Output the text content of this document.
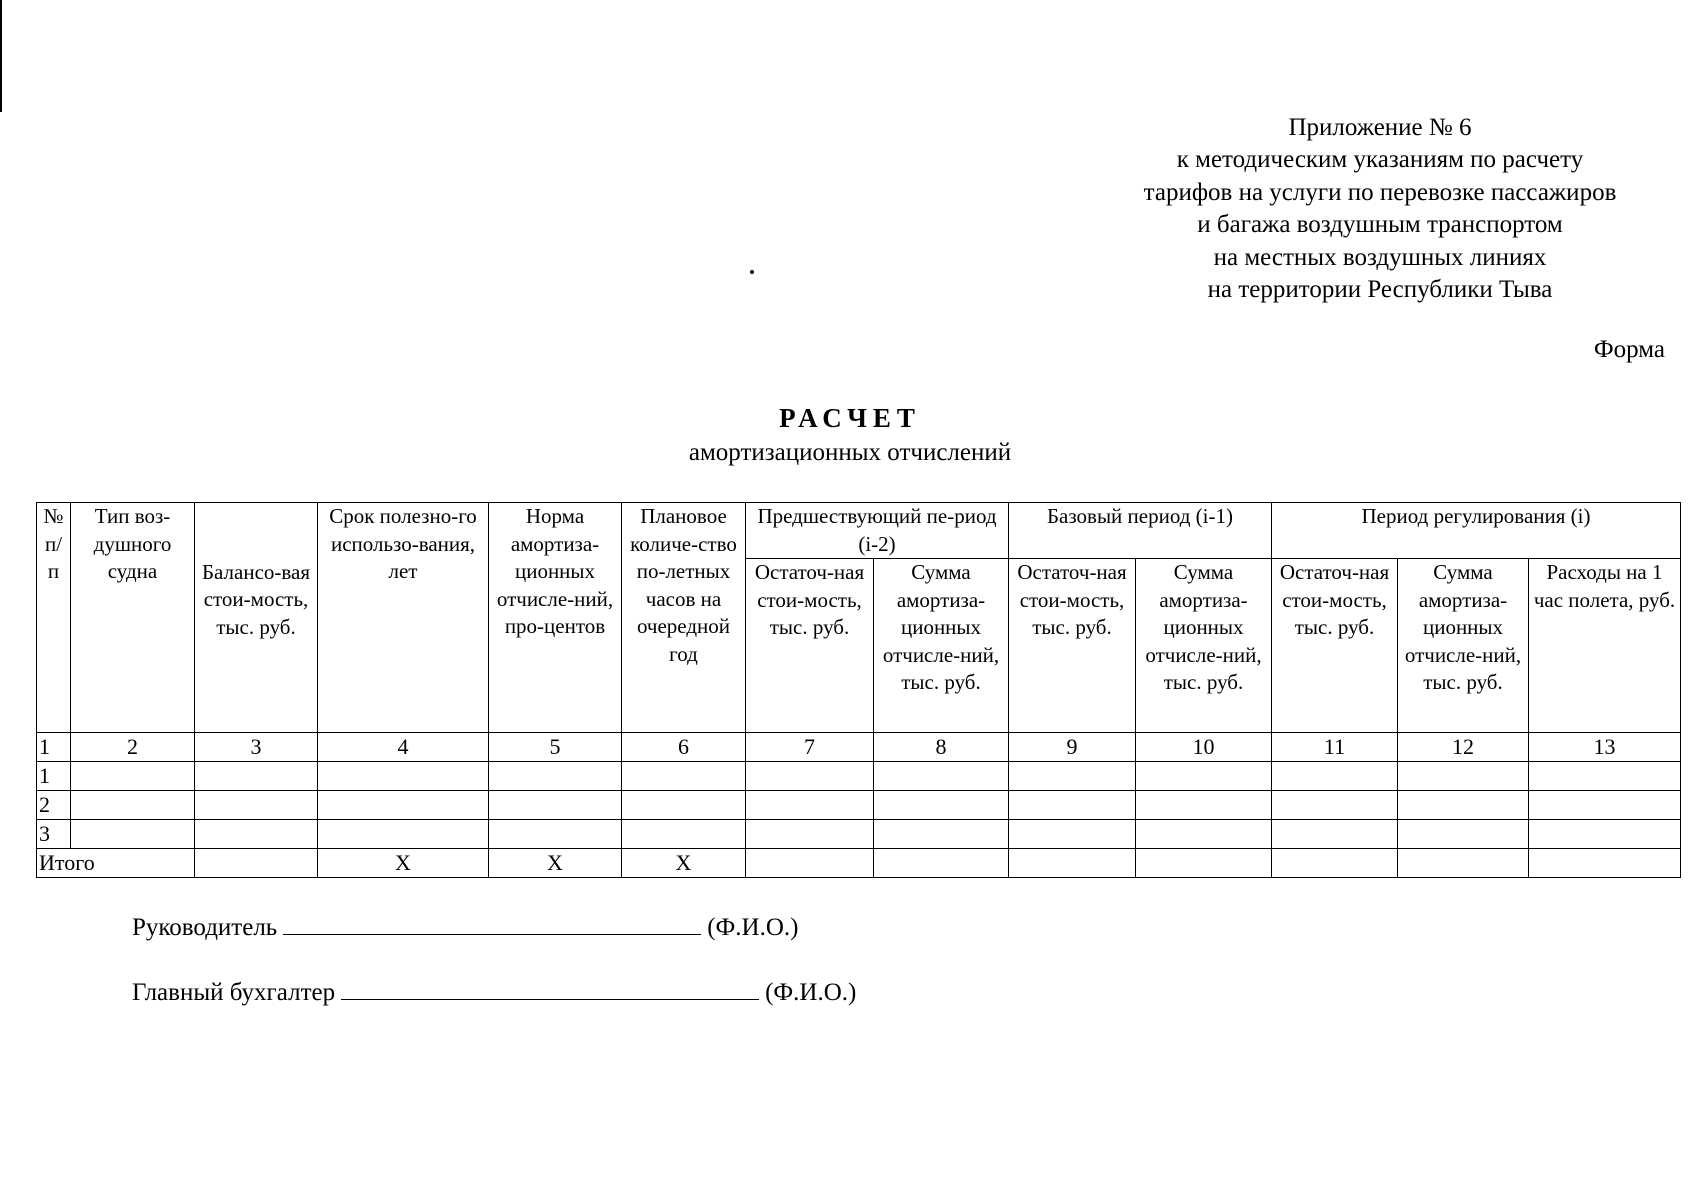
Приложение № 6
к методическим указаниям по расчету
тарифов на услуги по перевозке пассажиров
и багажа воздушным транспортом
на местных воздушных линиях
на территории Республики Тыва
Форма
РАСЧЕТ
амортизационных отчислений
№ п/ п	Тип воз-душного судна		Срок полезно-го использо-вания, лет	Норма амортиза-ционных отчисле-ний, про-центов	Плановое количе-ство по-летных часов на очередной год	Предшествующий пе-риод (i-2)		Базовый период (i-1)		Период регулирования (i)		
		Балансо-вая стои-мость, тыс. руб.				Остаточ-ная стои-мость, тыс. руб.	Сумма амортиза-ционных отчисле-ний, тыс. руб.	Остаточ-ная стои-мость, тыс. руб.	Сумма амортиза-ционных отчисле-ний, тыс. руб.	Остаточ-ная стои-мость, тыс. руб.	Сумма амортиза-ционных отчисле-ний, тыс. руб.	Расходы на 1 час полета, руб.
1	2	3	4	5	6	7	8	9	10	11	12	13
1												
2												
3												
Итого			X	X	X							
Руководитель	(Ф.И.О.)
Главный бухгалтер	(Ф.И.О.)
